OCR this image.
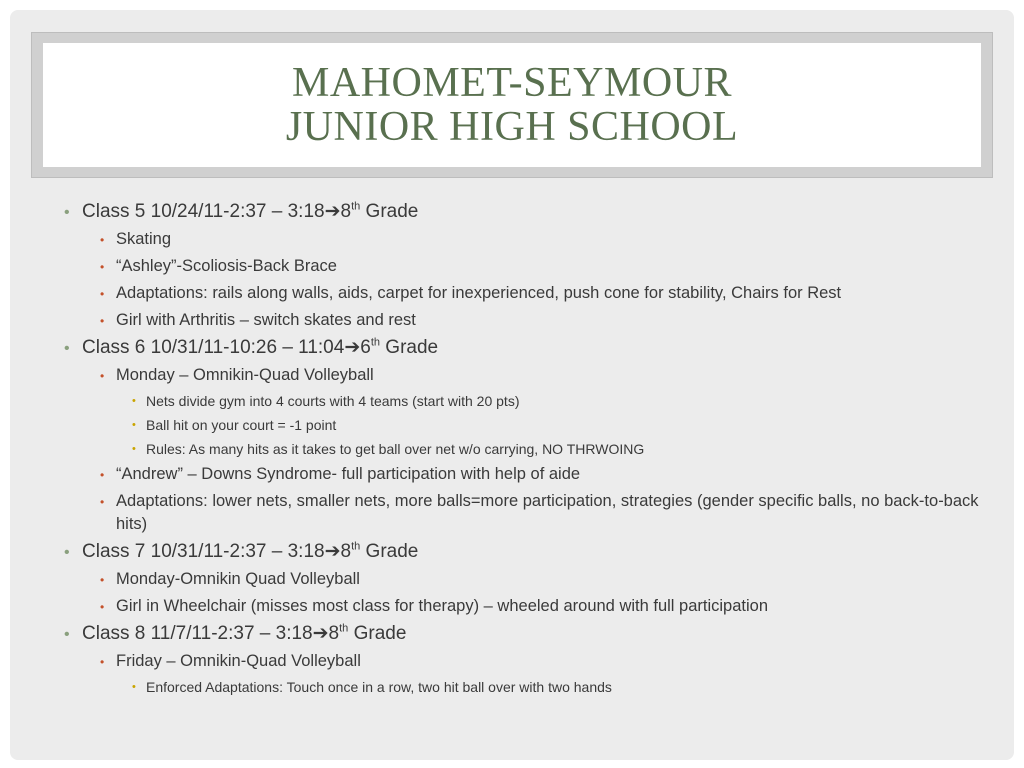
MAHOMET-SEYMOUR
JUNIOR HIGH SCHOOL
• Class 5 10/24/11-2:37 – 3:18➔8th Grade
• Skating
• “Ashley”-Scoliosis-Back Brace
• Adaptations: rails along walls, aids, carpet for inexperienced, push cone for stability, Chairs for Rest
• Girl with Arthritis – switch skates and rest
• Class 6 10/31/11-10:26 – 11:04➔6th Grade
• Monday – Omnikin-Quad Volleyball
• Nets divide gym into 4 courts with 4 teams (start with 20 pts)
• Ball hit on your court = -1 point
• Rules: As many hits as it takes to get ball over net w/o carrying, NO THRWOING
• “Andrew” – Downs Syndrome- full participation with help of aide
• Adaptations: lower nets, smaller nets, more balls=more participation, strategies (gender specific balls, no back-to-back hits)
• Class 7 10/31/11-2:37 – 3:18➔8th Grade
• Monday-Omnikin Quad Volleyball
• Girl in Wheelchair (misses most class for therapy) – wheeled around with full participation
• Class 8 11/7/11-2:37 – 3:18➔8th Grade
• Friday – Omnikin-Quad Volleyball
• Enforced Adaptations: Touch once in a row, two hit ball over with two hands
